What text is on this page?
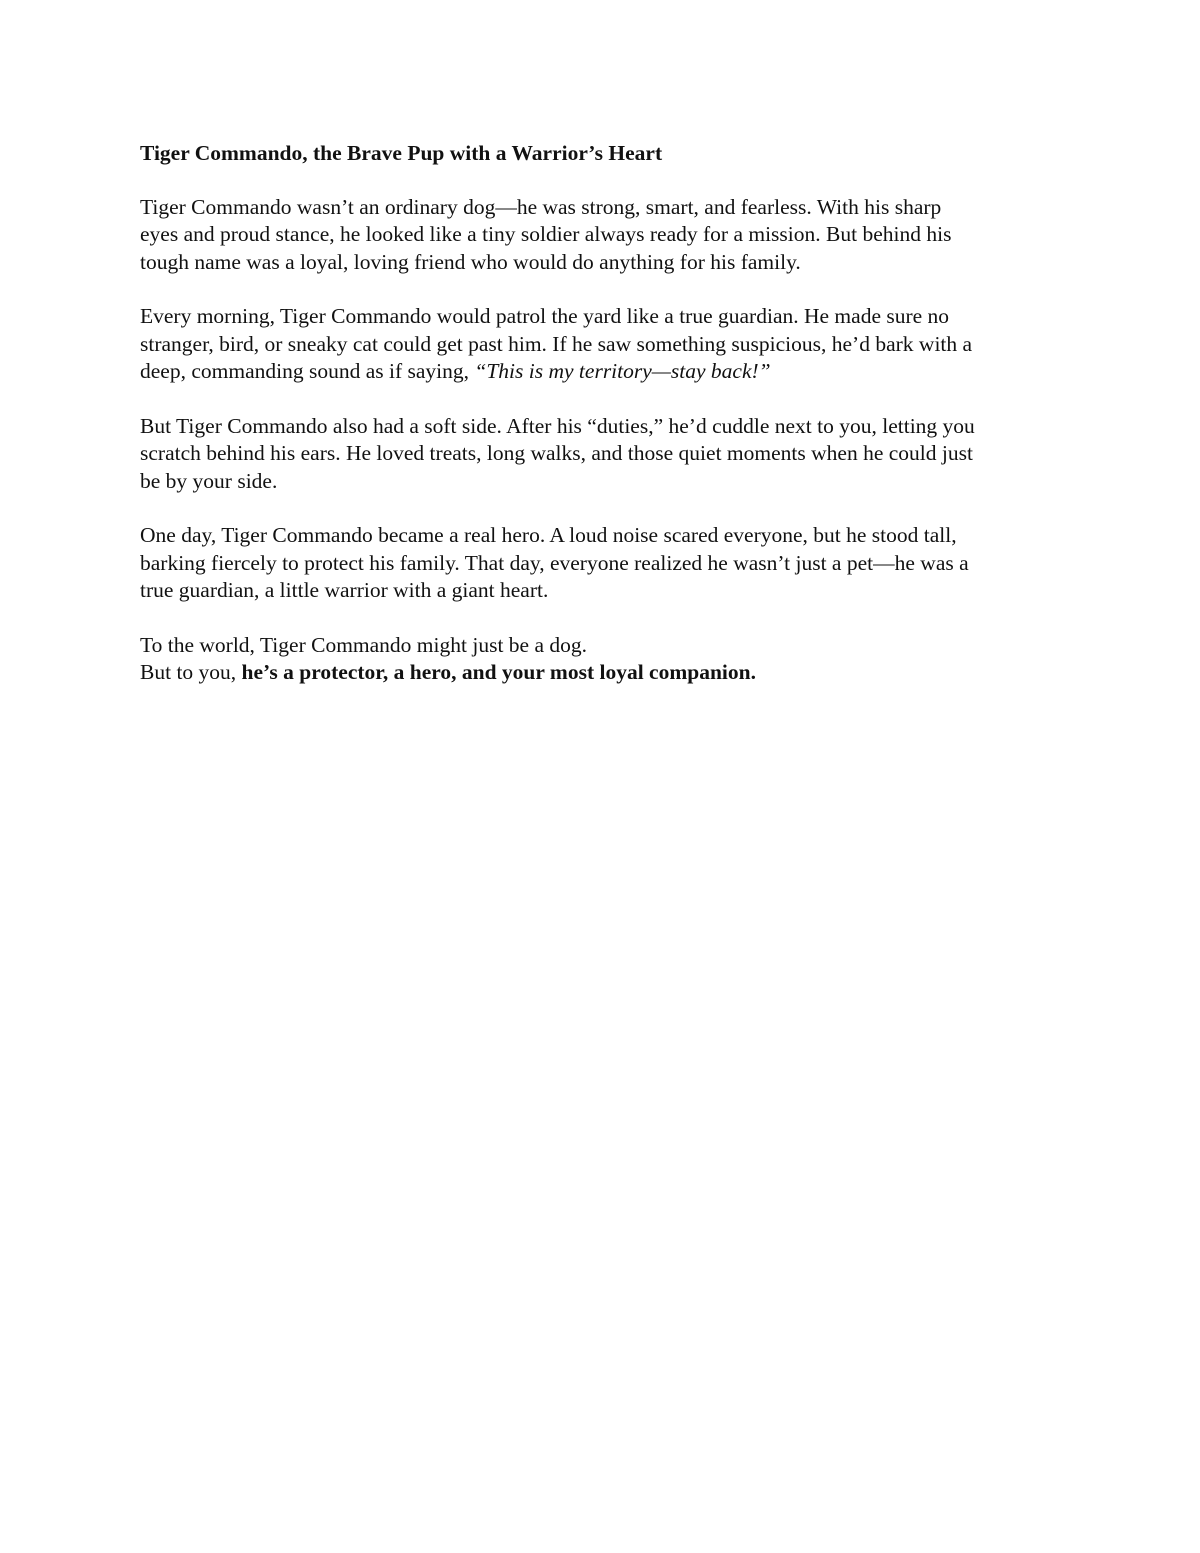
Tiger Commando, the Brave Pup with a Warrior’s Heart
Tiger Commando wasn’t an ordinary dog—he was strong, smart, and fearless. With his sharp
eyes and proud stance, he looked like a tiny soldier always ready for a mission. But behind his
tough name was a loyal, loving friend who would do anything for his family.
Every morning, Tiger Commando would patrol the yard like a true guardian. He made sure no
stranger, bird, or sneaky cat could get past him. If he saw something suspicious, he’d bark with a
deep, commanding sound as if saying, “This is my territory—stay back!”
But Tiger Commando also had a soft side. After his “duties,” he’d cuddle next to you, letting you
scratch behind his ears. He loved treats, long walks, and those quiet moments when he could just
be by your side.
One day, Tiger Commando became a real hero. A loud noise scared everyone, but he stood tall,
barking fiercely to protect his family. That day, everyone realized he wasn’t just a pet—he was a
true guardian, a little warrior with a giant heart.
To the world, Tiger Commando might just be a dog.
But to you, he’s a protector, a hero, and your most loyal companion.
